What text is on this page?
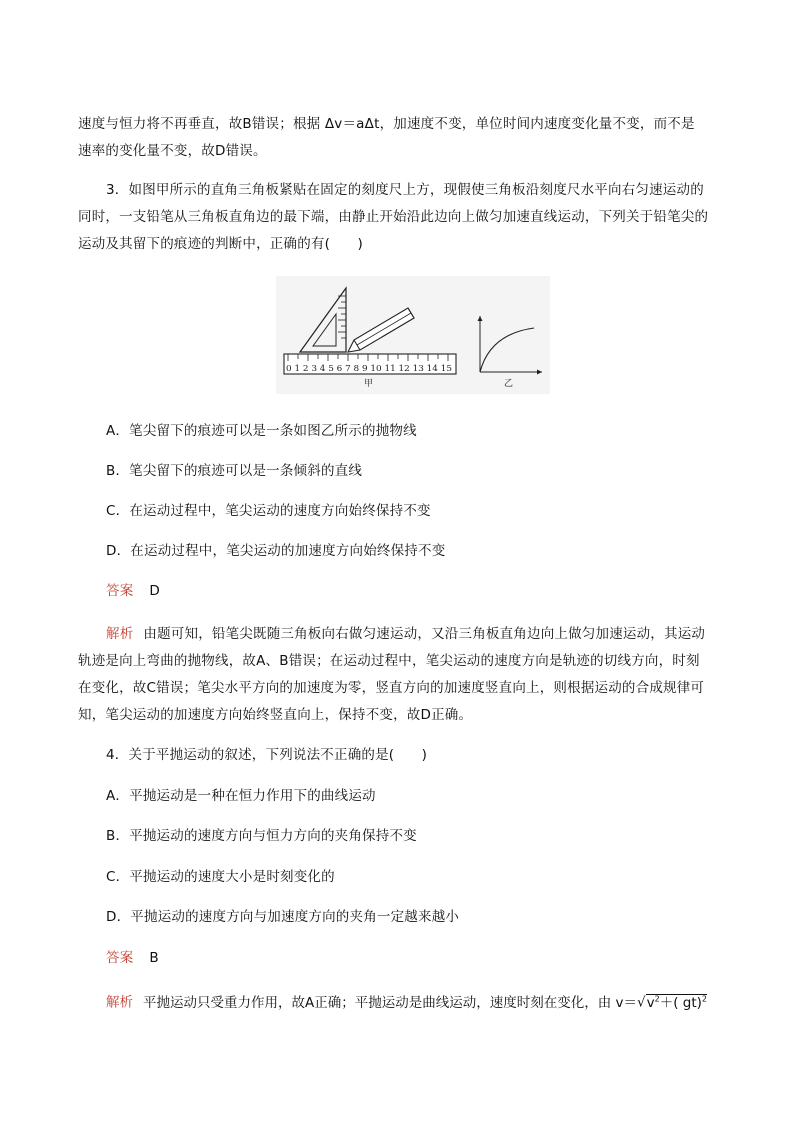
速度与恒力将不再垂直，故B错误；根据 Δv＝aΔt，加速度不变，单位时间内速度变化量不变，而不是
速率的变化量不变，故D错误。
3．如图甲所示的直角三角板紧贴在固定的刻度尺上方，现假使三角板沿刻度尺水平向右匀速运动的
同时，一支铅笔从三角板直角边的最下端，由静止开始沿此边向上做匀加速直线运动，下列关于铅笔尖的
运动及其留下的痕迹的判断中，正确的有(　　)
0 1 2 3 4 5 6 7 8 9 10 11 12 13 14 15
甲	乙
A．笔尖留下的痕迹可以是一条如图乙所示的抛物线
B．笔尖留下的痕迹可以是一条倾斜的直线
C．在运动过程中，笔尖运动的速度方向始终保持不变
D．在运动过程中，笔尖运动的加速度方向始终保持不变
答案 D
解析 由题可知，铅笔尖既随三角板向右做匀速运动，又沿三角板直角边向上做匀加速运动，其运动
轨迹是向上弯曲的抛物线，故A、B错误；在运动过程中，笔尖运动的速度方向是轨迹的切线方向，时刻
在变化，故C错误；笔尖水平方向的加速度为零，竖直方向的加速度竖直向上，则根据运动的合成规律可
知，笔尖运动的加速度方向始终竖直向上，保持不变，故D正确。
4．关于平抛运动的叙述，下列说法不正确的是(　　)
A．平抛运动是一种在恒力作用下的曲线运动
B．平抛运动的速度方向与恒力方向的夹角保持不变
C．平抛运动的速度大小是时刻变化的
D．平抛运动的速度方向与加速度方向的夹角一定越来越小
答案 B
解析 平抛运动只受重力作用，故A正确；平抛运动是曲线运动，速度时刻在变化，由 $v=√v^2+$( gt)$^2$
